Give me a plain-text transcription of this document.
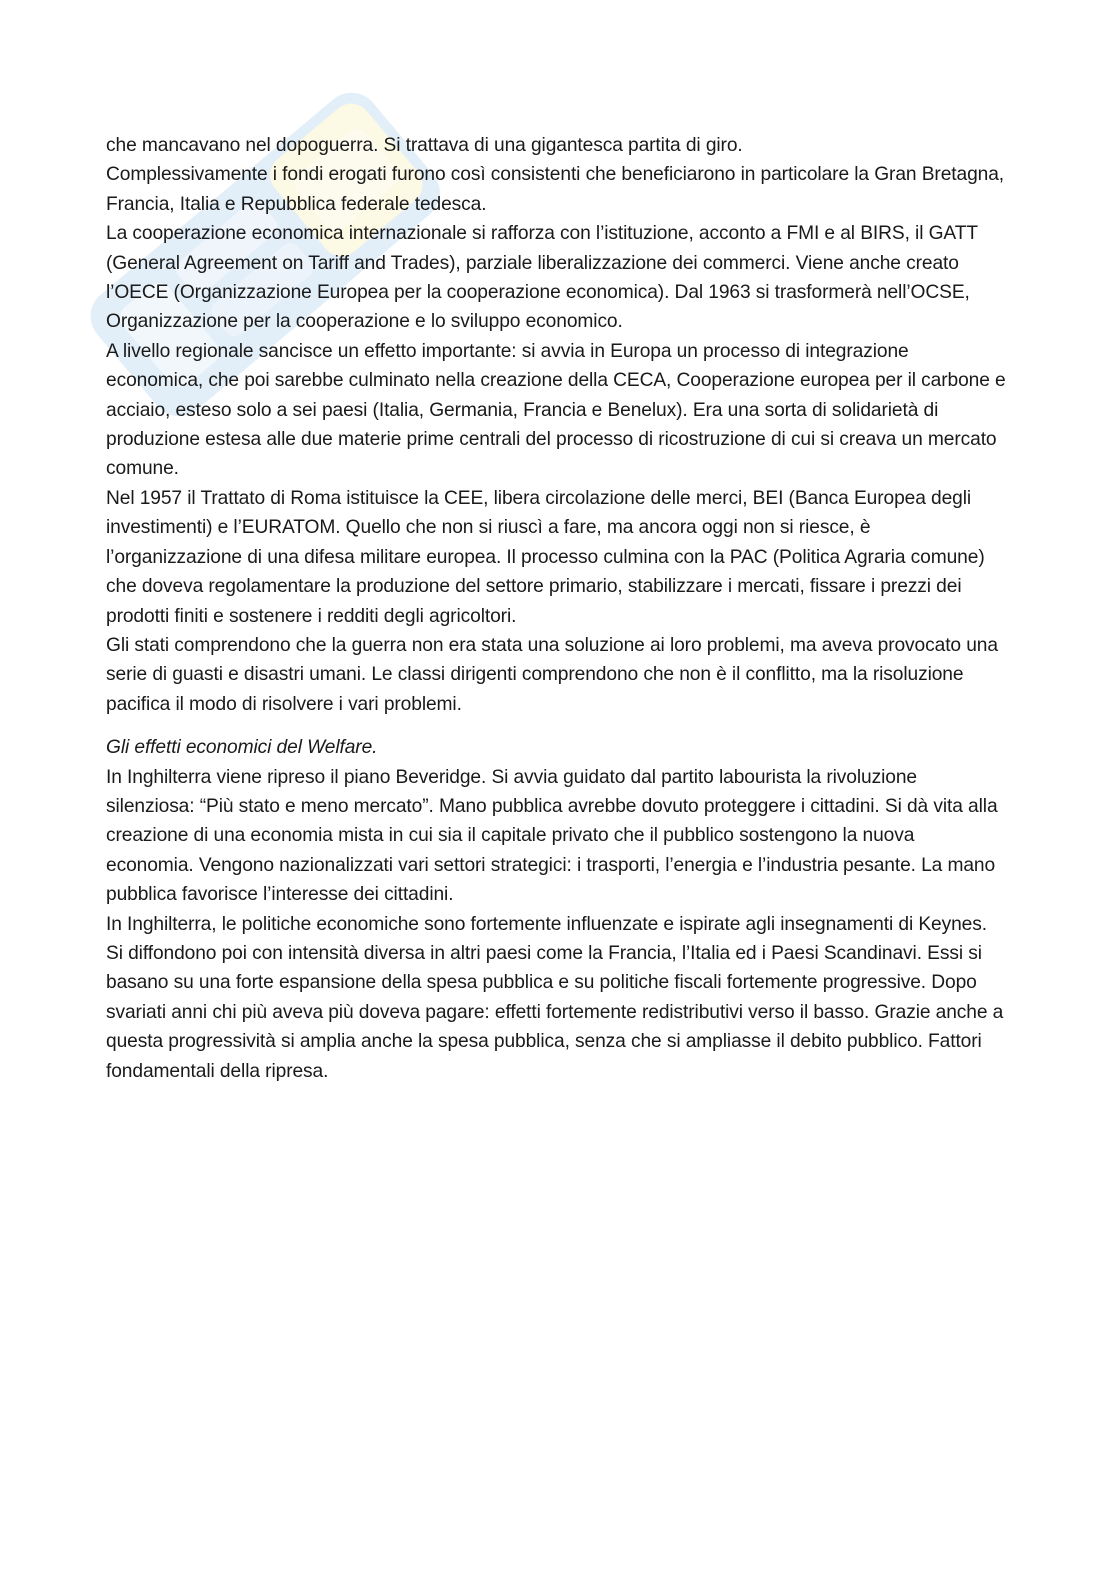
che mancavano nel dopoguerra. Si trattava di una gigantesca partita di giro.

Complessivamente i fondi erogati furono così consistenti che beneficiarono in particolare la Gran Bretagna, Francia, Italia e Repubblica federale tedesca.

La cooperazione economica internazionale si rafforza con l’istituzione, acconto a FMI e al BIRS, il GATT (General Agreement on Tariff and Trades), parziale liberalizzazione dei commerci. Viene anche creato l’OECE (Organizzazione Europea per la cooperazione economica). Dal 1963 si trasformerà nell’OCSE, Organizzazione per la cooperazione e lo sviluppo economico.

A livello regionale sancisce un effetto importante: si avvia in Europa un processo di integrazione economica, che poi sarebbe culminato nella creazione della CECA, Cooperazione europea per il carbone e acciaio, esteso solo a sei paesi (Italia, Germania, Francia e Benelux). Era una sorta di solidarietà di produzione estesa alle due materie prime centrali del processo di ricostruzione di cui si creava un mercato comune.

Nel 1957 il Trattato di Roma istituisce la CEE, libera circolazione delle merci, BEI (Banca Europea degli investimenti) e l’EURATOM. Quello che non si riuscì a fare, ma ancora oggi non si riesce, è l’organizzazione di una difesa militare europea. Il processo culmina con la PAC (Politica Agraria comune) che doveva regolamentare la produzione del settore primario, stabilizzare i mercati, fissare i prezzi dei prodotti finiti e sostenere i redditi degli agricoltori.

Gli stati comprendono che la guerra non era stata una soluzione ai loro problemi, ma aveva provocato una serie di guasti e disastri umani. Le classi dirigenti comprendono che non è il conflitto, ma la risoluzione pacifica il modo di risolvere i vari problemi.

Gli effetti economici del Welfare.

In Inghilterra viene ripreso il piano Beveridge. Si avvia guidato dal partito labourista la rivoluzione silenziosa: “Più stato e meno mercato”. Mano pubblica avrebbe dovuto proteggere i cittadini. Si dà vita alla creazione di una economia mista in cui sia il capitale privato che il pubblico sostengono la nuova economia. Vengono nazionalizzati vari settori strategici: i trasporti, l’energia e l’industria pesante. La mano pubblica favorisce l’interesse dei cittadini.

In Inghilterra, le politiche economiche sono fortemente influenzate e ispirate agli insegnamenti di Keynes. Si diffondono poi con intensità diversa in altri paesi come la Francia, l’Italia ed i Paesi Scandinavi. Essi si basano su una forte espansione della spesa pubblica e su politiche fiscali fortemente progressive. Dopo svariati anni chi più aveva più doveva pagare: effetti fortemente redistributivi verso il basso. Grazie anche a questa progressività si amplia anche la spesa pubblica, senza che si ampliasse il debito pubblico. Fattori fondamentali della ripresa.
